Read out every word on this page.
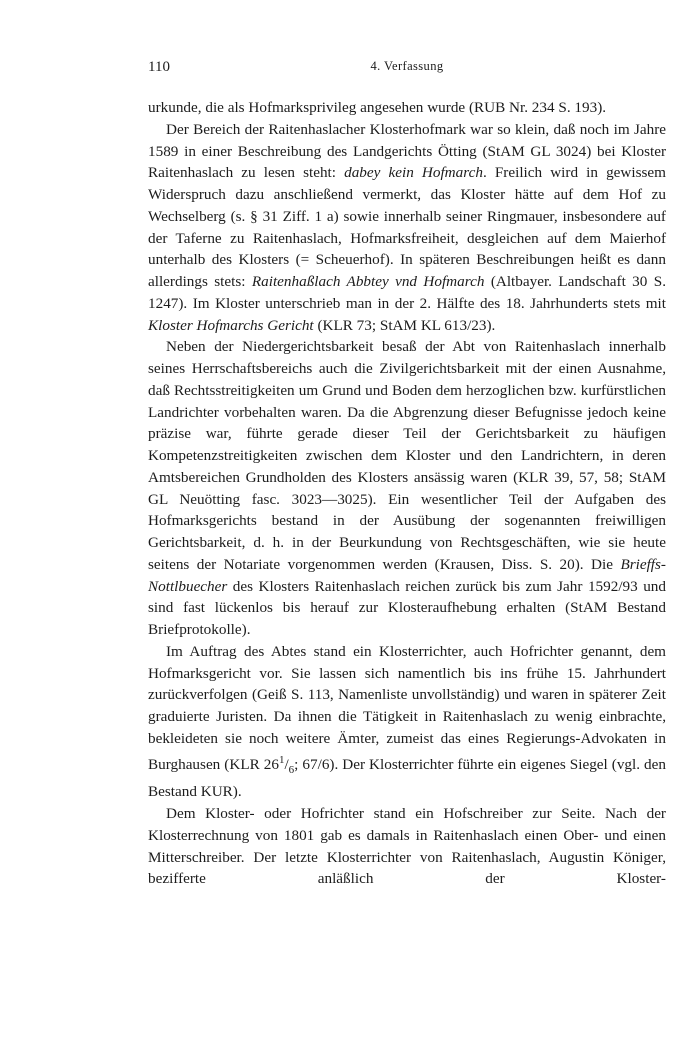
110	4. Verfassung

urkunde, die als Hofmarksprivileg angesehen wurde (RUB Nr. 234 S. 193).

Der Bereich der Raitenhaslacher Klosterhofmark war so klein, daß noch im Jahre 1589 in einer Beschreibung des Landgerichts Ötting (StAM GL 3024) bei Kloster Raitenhaslach zu lesen steht: dabey kein Hofmarch. Freilich wird in gewissem Widerspruch dazu anschließend vermerkt, das Kloster hätte auf dem Hof zu Wechselberg (s. § 31 Ziff. 1 a) sowie innerhalb seiner Ringmauer, insbesondere auf der Taferne zu Raitenhaslach, Hofmarksfreiheit, desgleichen auf dem Maierhof unterhalb des Klosters (= Scheuerhof). In späteren Beschreibungen heißt es dann allerdings stets: Raitenhaßlach Abbtey vnd Hofmarch (Altbayer. Landschaft 30 S. 1247). Im Kloster unterschrieb man in der 2. Hälfte des 18. Jahrhunderts stets mit Kloster Hofmarchs Gericht (KLR 73; StAM KL 613/23).

Neben der Niedergerichtsbarkeit besaß der Abt von Raitenhaslach innerhalb seines Herrschaftsbereichs auch die Zivilgerichtsbarkeit mit der einen Ausnahme, daß Rechtsstreitigkeiten um Grund und Boden dem herzoglichen bzw. kurfürstlichen Landrichter vorbehalten waren. Da die Abgrenzung dieser Befugnisse jedoch keine präzise war, führte gerade dieser Teil der Gerichtsbarkeit zu häufigen Kompetenzstreitigkeiten zwischen dem Kloster und den Landrichtern, in deren Amtsbereichen Grundholden des Klosters ansässig waren (KLR 39, 57, 58; StAM GL Neuötting fasc. 3023—3025). Ein wesentlicher Teil der Aufgaben des Hofmarksgerichts bestand in der Ausübung der sogenannten freiwilligen Gerichtsbarkeit, d. h. in der Beurkundung von Rechtsgeschäften, wie sie heute seitens der Notariate vorgenommen werden (Krausen, Diss. S. 20). Die Brieffs-Nottlbuecher des Klosters Raitenhaslach reichen zurück bis zum Jahr 1592/93 und sind fast lückenlos bis herauf zur Klosteraufhebung erhalten (StAM Bestand Briefprotokolle).

Im Auftrag des Abtes stand ein Klosterrichter, auch Hofrichter genannt, dem Hofmarksgericht vor. Sie lassen sich namentlich bis ins frühe 15. Jahrhundert zurückverfolgen (Geiß S. 113, Namenliste unvollständig) und waren in späterer Zeit graduierte Juristen. Da ihnen die Tätigkeit in Raitenhaslach zu wenig einbrachte, bekleideten sie noch weitere Ämter, zumeist das eines Regierungs-Advokaten in Burghausen (KLR $26^1/_6$; 67/6). Der Klosterrichter führte ein eigenes Siegel (vgl. den Bestand KUR).

Dem Kloster- oder Hofrichter stand ein Hofschreiber zur Seite. Nach der Klosterrechnung von 1801 gab es damals in Raitenhaslach einen Ober- und einen Mitterschreiber. Der letzte Klosterrichter von Raitenhaslach, Augustin Königer, bezifferte anläßlich der Kloster-
